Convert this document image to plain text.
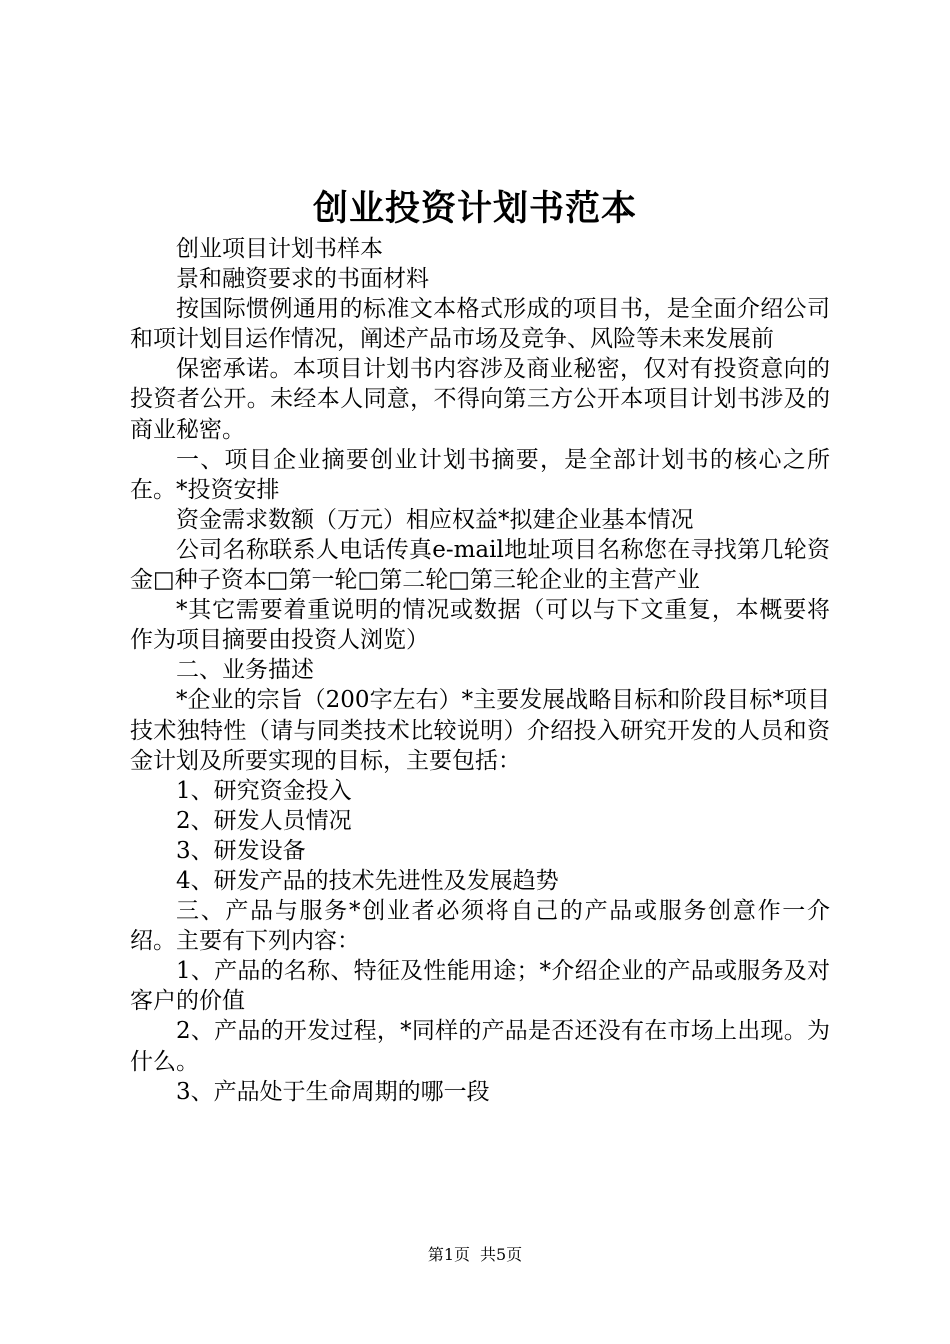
创业投资计划书范本

创业项目计划书样本

景和融资要求的书面材料

按国际惯例通用的标准文本格式形成的项目书，是全面介绍公司和项计划目运作情况，阐述产品市场及竞争、风险等未来发展前

保密承诺。本项目计划书内容涉及商业秘密，仅对有投资意向的投资者公开。未经本人同意，不得向第三方公开本项目计划书涉及的商业秘密。

一、项目企业摘要创业计划书摘要，是全部计划书的核心之所在。*投资安排

资金需求数额（万元）相应权益*拟建企业基本情况

公司名称联系人电话传真e-mail地址项目名称您在寻找第几轮资金□种子资本□第一轮□第二轮□第三轮企业的主营产业

*其它需要着重说明的情况或数据（可以与下文重复，本概要将作为项目摘要由投资人浏览）

二、业务描述

*企业的宗旨（200字左右）*主要发展战略目标和阶段目标*项目技术独特性（请与同类技术比较说明）介绍投入研究开发的人员和资金计划及所要实现的目标，主要包括：

1、研究资金投入

2、研发人员情况

3、研发设备

4、研发产品的技术先进性及发展趋势

三、产品与服务*创业者必须将自己的产品或服务创意作一介绍。主要有下列内容：

1、产品的名称、特征及性能用途；*介绍企业的产品或服务及对客户的价值

2、产品的开发过程，*同样的产品是否还没有在市场上出现。为什么。

3、产品处于生命周期的哪一段

第1页 共5页
